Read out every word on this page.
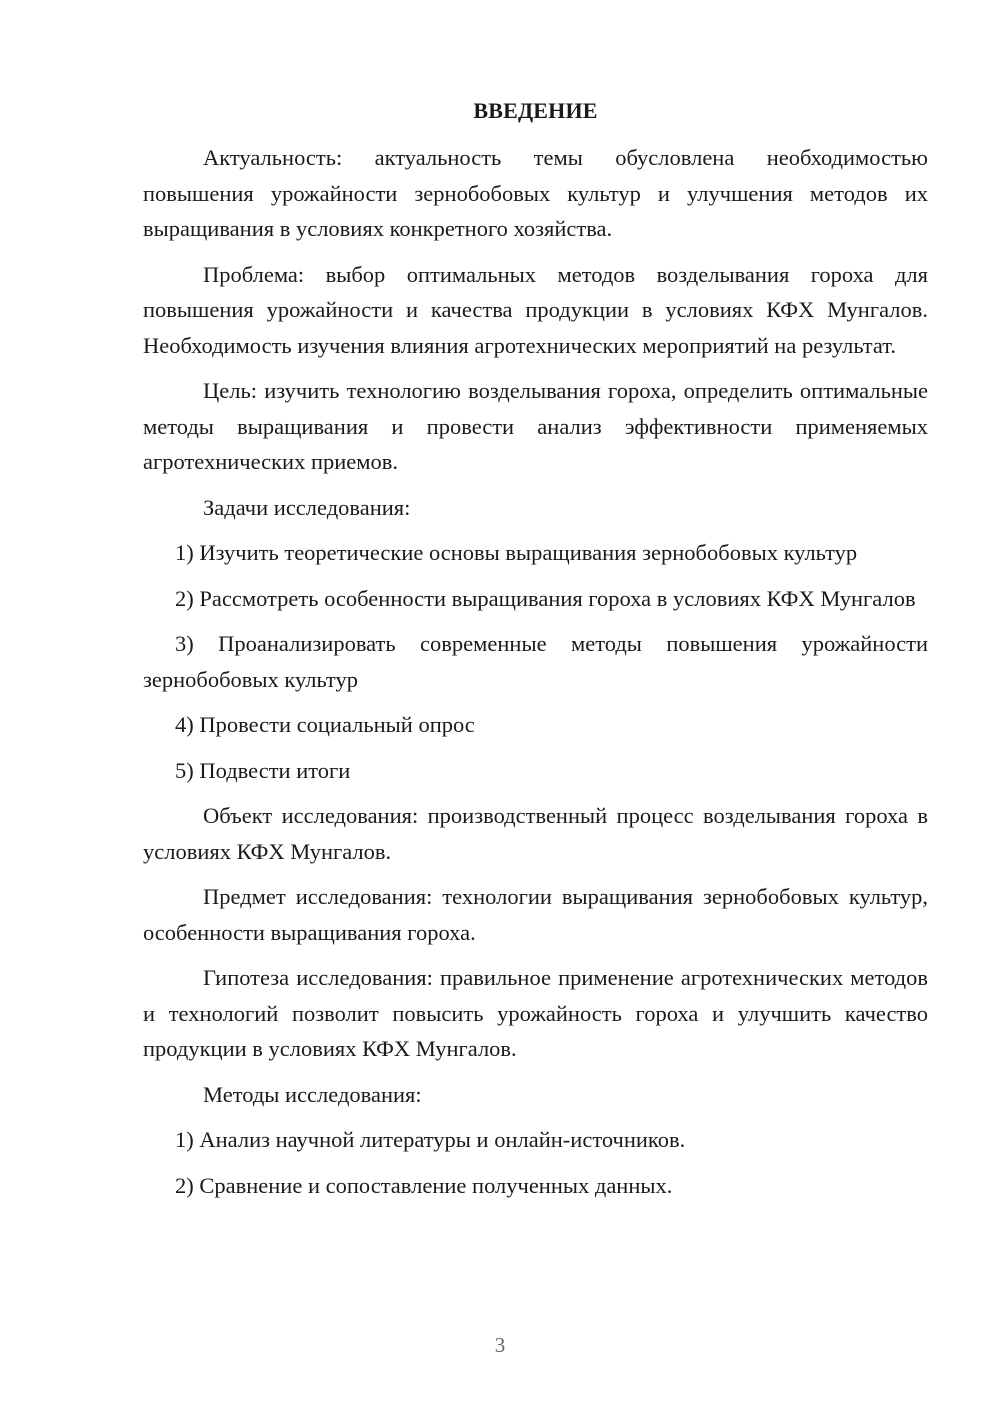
ВВЕДЕНИЕ

Актуальность: актуальность темы обусловлена необходимостью повышения урожайности зернобобовых культур и улучшения методов их выращивания в условиях конкретного хозяйства.

Проблема: выбор оптимальных методов возделывания гороха для повышения урожайности и качества продукции в условиях КФХ Мунгалов. Необходимость изучения влияния агротехнических мероприятий на результат.

Цель: изучить технологию возделывания гороха, определить оптимальные методы выращивания и провести анализ эффективности применяемых агротехнических приемов.

Задачи исследования:

1) Изучить теоретические основы выращивания зернобобовых культур

2) Рассмотреть особенности выращивания гороха в условиях КФХ Мунгалов

3) Проанализировать современные методы повышения урожайности зернобобовых культур

4) Провести социальный опрос

5) Подвести итоги

Объект исследования: производственный процесс возделывания гороха в условиях КФХ Мунгалов.

Предмет исследования: технологии выращивания зернобобовых культур, особенности выращивания гороха.

Гипотеза исследования: правильное применение агротехнических методов и технологий позволит повысить урожайность гороха и улучшить качество продукции в условиях КФХ Мунгалов.

Методы исследования:

1) Анализ научной литературы и онлайн-источников.

2) Сравнение и сопоставление полученных данных.

3
